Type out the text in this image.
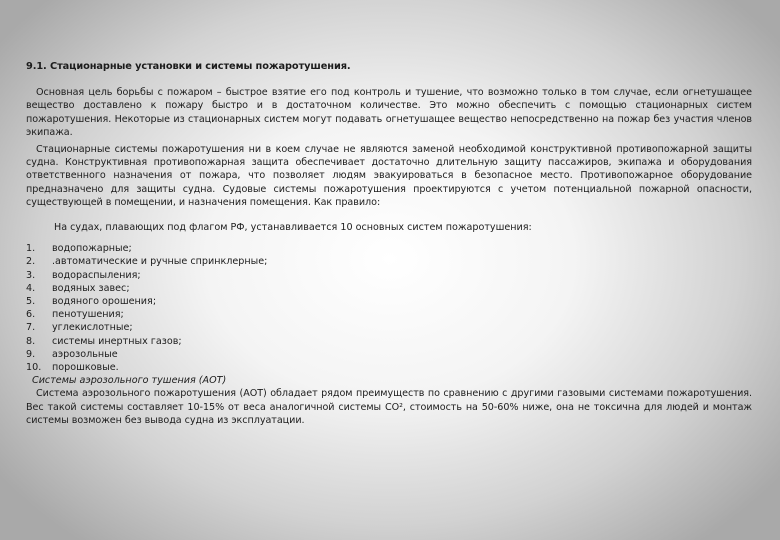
9.1. Стационарные установки и системы пожаротушения.

Основная цель борьбы с пожаром – быстрое взятие его под контроль и тушение, что возможно только в том случае, если огнетушащее вещество доставлено к пожару быстро и в достаточном количестве. Это можно обеспечить с помощью стационарных систем пожаротушения. Некоторые из стационарных систем могут подавать огнетушащее вещество непосредственно на пожар без участия членов экипажа.

Стационарные системы пожаротушения ни в коем случае не являются заменой необходимой конструктивной противопожарной защиты судна. Конструктивная противопожарная защита обеспечивает достаточно длительную защиту пассажиров, экипажа и оборудования ответственного назначения от пожара, что позволяет людям эвакуироваться в безопасное место. Противопожарное оборудование предназначено для защиты судна. Судовые системы пожаротушения проектируются с учетом потенциальной пожарной опасности, существующей в помещении, и назначения помещения. Как правило:

На судах, плавающих под флагом РФ, устанавливается 10 основных систем пожаротушения:

1.	водопожарные;
2.	.автоматические и ручные спринклерные;
3.	водораспыления;
4.	водяных завес;
5.	водяного орошения;
6.	пенотушения;
7.	углекислотные;
8.	системы инертных газов;
9.	аэрозольные
10.	порошковые.

Системы аэрозольного тушения (АОТ)

Система аэрозольного пожаротушения (АОТ) обладает рядом преимуществ по сравнению с другими газовыми системами пожаротушения. Вес такой системы составляет 10-15% от веса аналогичной системы СО², стоимость на 50-60% ниже, она не токсична для людей и монтаж системы возможен без вывода судна из эксплуатации.
